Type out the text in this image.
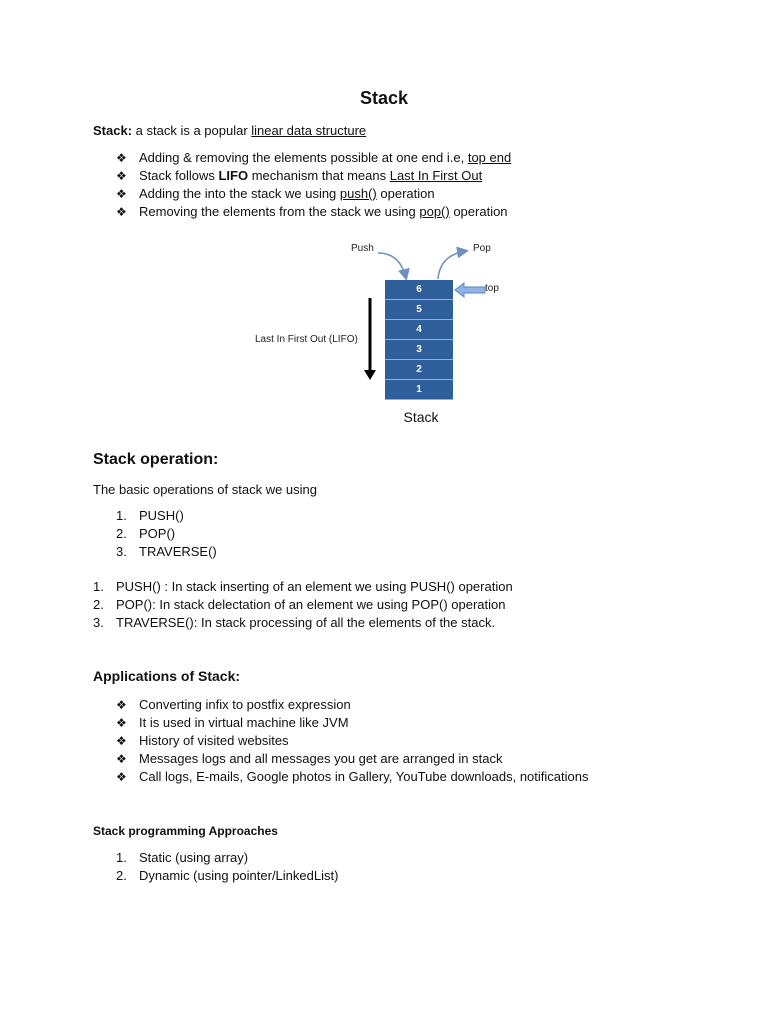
Stack
Stack: a stack is a popular linear data structure
❖ Adding & removing the elements possible at one end i.e, top end
❖ Stack follows LIFO mechanism that means Last In First Out
❖ Adding the into the stack we using push() operation
❖ Removing the elements from the stack we using pop() operation
Push	Pop
6
5
4
3
2
1
top
Last In First Out (LIFO)
Stack
Stack operation:
The basic operations of stack we using
1. PUSH()
2. POP()
3. TRAVERSE()
1. PUSH() : In stack inserting of an element we using PUSH() operation
2. POP(): In stack delectation of an element we using POP() operation
3. TRAVERSE(): In stack processing of all the elements of the stack.
Applications of Stack:
❖ Converting infix to postfix expression
❖ It is used in virtual machine like JVM
❖ History of visited websites
❖ Messages logs and all messages you get are arranged in stack
❖ Call logs, E-mails, Google photos in Gallery, YouTube downloads, notifications
Stack programming Approaches
1. Static (using array)
2. Dynamic (using pointer/LinkedList)
